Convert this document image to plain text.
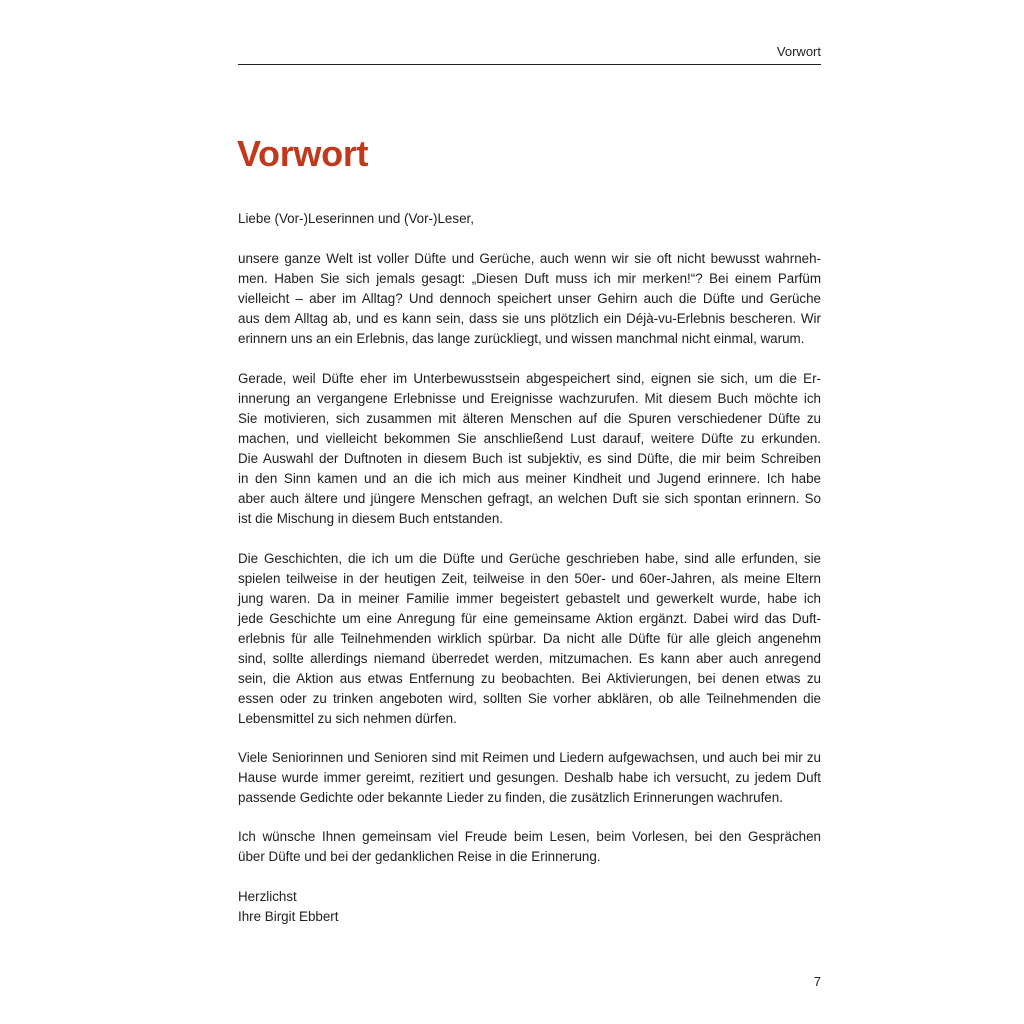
Vorwort
Vorwort
Liebe (Vor-)Leserinnen und (Vor-)Leser,
unsere ganze Welt ist voller Düfte und Gerüche, auch wenn wir sie oft nicht bewusst wahrneh-
men. Haben Sie sich jemals gesagt: „Diesen Duft muss ich mir merken!“? Bei einem Parfüm
vielleicht – aber im Alltag? Und dennoch speichert unser Gehirn auch die Düfte und Gerüche
aus dem Alltag ab, und es kann sein, dass sie uns plötzlich ein Déjà-vu-Erlebnis bescheren. Wir
erinnern uns an ein Erlebnis, das lange zurückliegt, und wissen manchmal nicht einmal, warum.
Gerade, weil Düfte eher im Unterbewusstsein abgespeichert sind, eignen sie sich, um die Er-
innerung an vergangene Erlebnisse und Ereignisse wachzurufen. Mit diesem Buch möchte ich
Sie motivieren, sich zusammen mit älteren Menschen auf die Spuren verschiedener Düfte zu
machen, und vielleicht bekommen Sie anschließend Lust darauf, weitere Düfte zu erkunden.
Die Auswahl der Duftnoten in diesem Buch ist subjektiv, es sind Düfte, die mir beim Schreiben
in den Sinn kamen und an die ich mich aus meiner Kindheit und Jugend erinnere. Ich habe
aber auch ältere und jüngere Menschen gefragt, an welchen Duft sie sich spontan erinnern. So
ist die Mischung in diesem Buch entstanden.
Die Geschichten, die ich um die Düfte und Gerüche geschrieben habe, sind alle erfunden, sie
spielen teilweise in der heutigen Zeit, teilweise in den 50er- und 60er-Jahren, als meine Eltern
jung waren. Da in meiner Familie immer begeistert gebastelt und gewerkelt wurde, habe ich
jede Geschichte um eine Anregung für eine gemeinsame Aktion ergänzt. Dabei wird das Duft-
erlebnis für alle Teilnehmenden wirklich spürbar. Da nicht alle Düfte für alle gleich angenehm
sind, sollte allerdings niemand überredet werden, mitzumachen. Es kann aber auch anregend
sein, die Aktion aus etwas Entfernung zu beobachten. Bei Aktivierungen, bei denen etwas zu
essen oder zu trinken angeboten wird, sollten Sie vorher abklären, ob alle Teilnehmenden die
Lebensmittel zu sich nehmen dürfen.
Viele Seniorinnen und Senioren sind mit Reimen und Liedern aufgewachsen, und auch bei mir zu
Hause wurde immer gereimt, rezitiert und gesungen. Deshalb habe ich versucht, zu jedem Duft
passende Gedichte oder bekannte Lieder zu finden, die zusätzlich Erinnerungen wachrufen.
Ich wünsche Ihnen gemeinsam viel Freude beim Lesen, beim Vorlesen, bei den Gesprächen
über Düfte und bei der gedanklichen Reise in die Erinnerung.
Herzlichst
Ihre Birgit Ebbert
7
